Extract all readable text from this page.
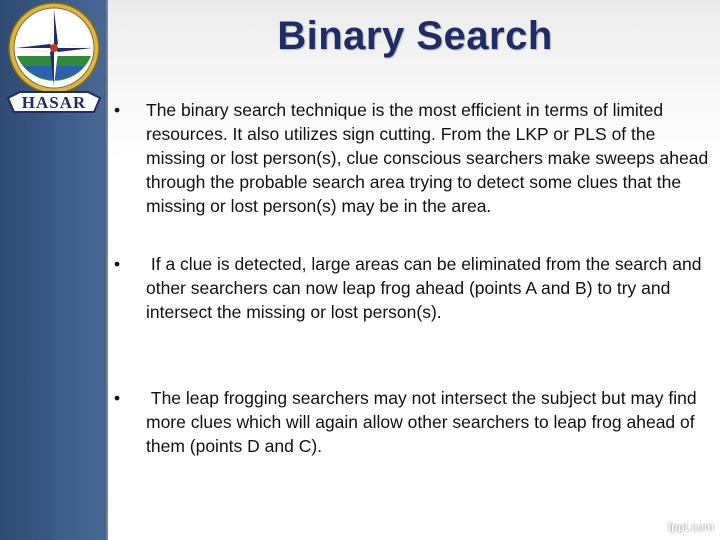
HASAR
Binary Search
• The binary search technique is the most efficient in terms of limited resources. It also utilizes sign cutting. From the LKP or PLS of the missing or lost person(s), clue conscious searchers make sweeps ahead through the probable search area trying to detect some clues that the missing or lost person(s) may be in the area.
• If a clue is detected, large areas can be eliminated from the search and other searchers can now leap frog ahead (points A and B) to try and intersect the missing or lost person(s).
• The leap frogging searchers may not intersect the subject but may find more clues which will again allow other searchers to leap frog ahead of them (points D and C).
fppt.com
